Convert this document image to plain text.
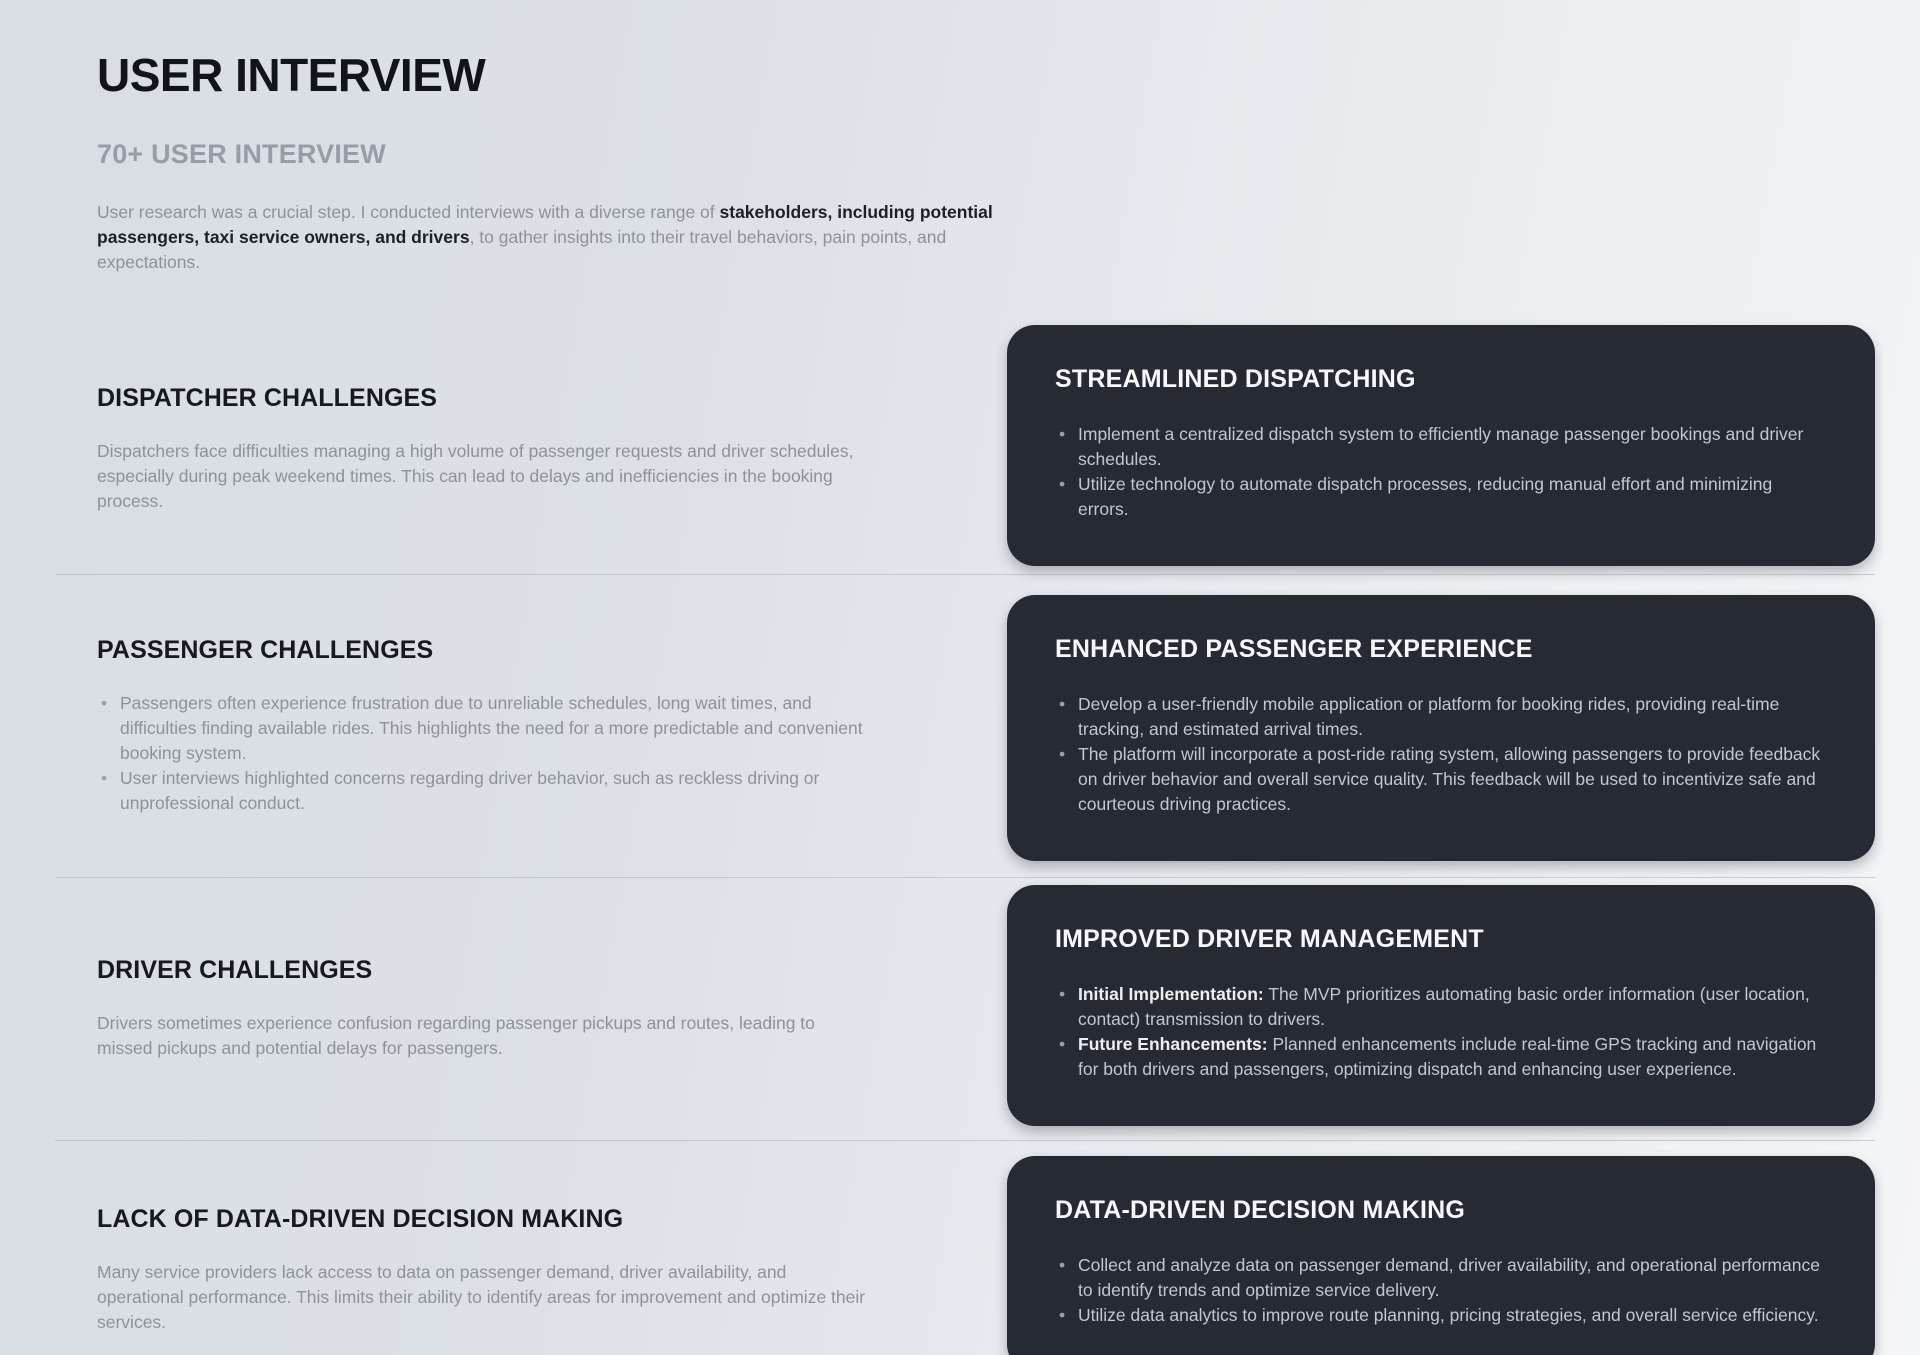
USER INTERVIEW
70+ USER INTERVIEW

User research was a crucial step. I conducted interviews with a diverse range of stakeholders, including potential passengers, taxi service owners, and drivers, to gather insights into their travel behaviors, pain points, and expectations.

DISPATCHER CHALLENGES

Dispatchers face difficulties managing a high volume of passenger requests and driver schedules, especially during peak weekend times. This can lead to delays and inefficiencies in the booking process.

STREAMLINED DISPATCHING
• Implement a centralized dispatch system to efficiently manage passenger bookings and driver schedules.
• Utilize technology to automate dispatch processes, reducing manual effort and minimizing errors.
PASSENGER CHALLENGES
• Passengers often experience frustration due to unreliable schedules, long wait times, and difficulties finding available rides. This highlights the need for a more predictable and convenient booking system.
• User interviews highlighted concerns regarding driver behavior, such as reckless driving or unprofessional conduct.
ENHANCED PASSENGER EXPERIENCE
• Develop a user-friendly mobile application or platform for booking rides, providing real-time tracking, and estimated arrival times.
• The platform will incorporate a post-ride rating system, allowing passengers to provide feedback on driver behavior and overall service quality. This feedback will be used to incentivize safe and courteous driving practices.
DRIVER CHALLENGES

Drivers sometimes experience confusion regarding passenger pickups and routes, leading to missed pickups and potential delays for passengers.

IMPROVED DRIVER MANAGEMENT
• Initial Implementation: The MVP prioritizes automating basic order information (user location, contact) transmission to drivers.
• Future Enhancements: Planned enhancements include real-time GPS tracking and navigation for both drivers and passengers, optimizing dispatch and enhancing user experience.
LACK OF DATA-DRIVEN DECISION MAKING

Many service providers lack access to data on passenger demand, driver availability, and operational performance. This limits their ability to identify areas for improvement and optimize their services.

DATA-DRIVEN DECISION MAKING
• Collect and analyze data on passenger demand, driver availability, and operational performance to identify trends and optimize service delivery.
• Utilize data analytics to improve route planning, pricing strategies, and overall service efficiency.
